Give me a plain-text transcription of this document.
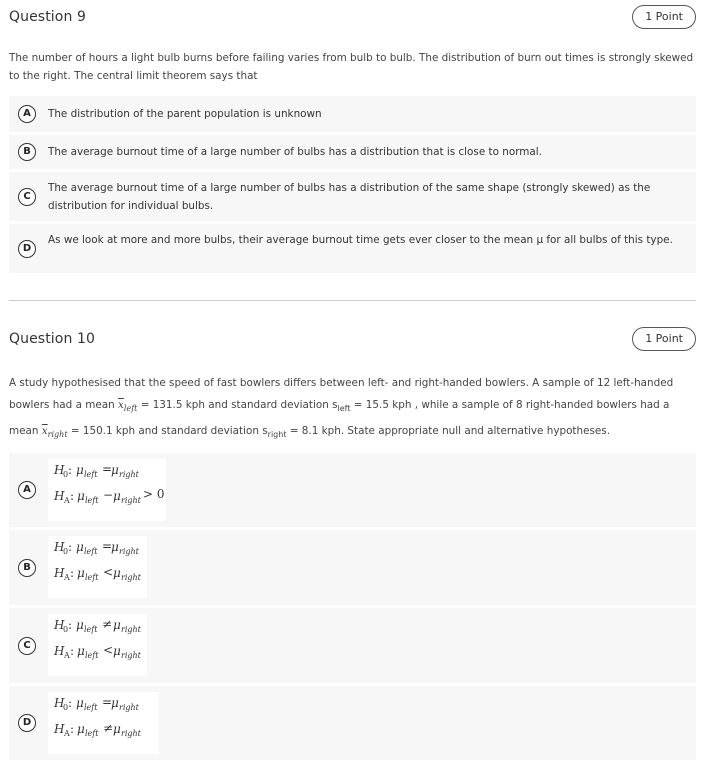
Question 9	1 Point
The number of hours a light bulb burns before failing varies from bulb to bulb. The distribution of burn out times is strongly skewed to the right. The central limit theorem says that
A	The distribution of the parent population is unknown
B	The average burnout time of a large number of bulbs has a distribution that is close to normal.
C
The average burnout time of a large number of bulbs has a distribution of the same shape (strongly skewed) as the distribution for individual bulbs.
D
As we look at more and more bulbs, their average burnout time gets ever closer to the mean μ for all bulbs of this type.
Question 10	1 Point
A study hypothesised that the speed of fast bowlers differs between left- and right-handed bowlers. A sample of 12 left-handed bowlers had a mean $\overline{x}_{left} = 131.5$ kph and standard deviation $s_{left} = 15.5$ kph , while a sample of 8 right-handed bowlers had a mean $\overline{x}_{right} = 150.1$ kph and standard deviation $s_{right} = 8.1$ kph. State appropriate null and alternative hypotheses.
A
H
0 : μ left =
μ right
H A : μ left − μ right > 0
B
H
0 : μ left =
μ right
H A : μ left < μ right
C
H
0 : μ left ≠ μ right
H A : μ left < μ right
D
H
0 : μ left =
μ right
H A : μ left ≠ μ right
